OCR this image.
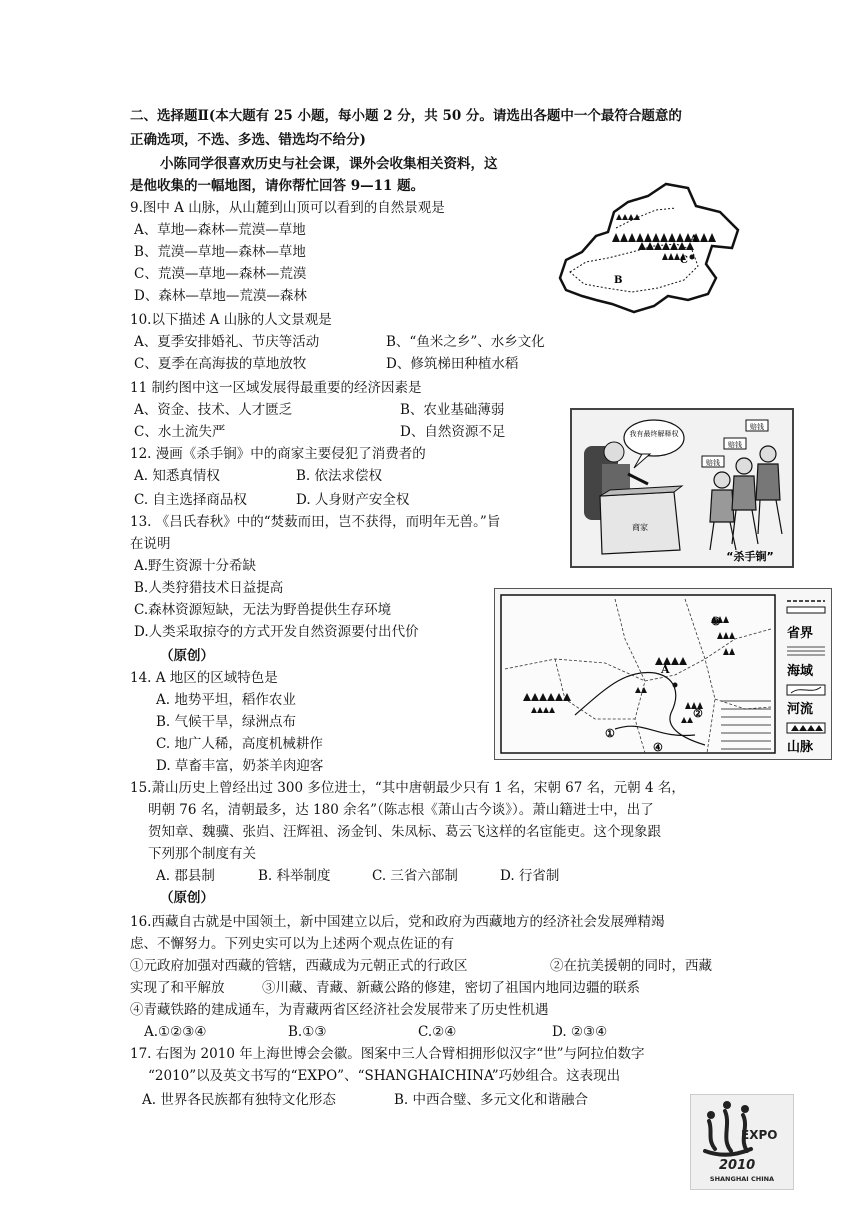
二、选择题Ⅱ(本大题有 25 小题，每小题 2 分，共 50 分。请选出各题中一个最符合题意的
正确选项，不选、多选、错选均不给分)
小陈同学很喜欢历史与社会课，课外会收集相关资料，这
是他收集的一幅地图，请你帮忙回答 9—11 题。
9.图中 A 山脉，从山麓到山顶可以看到的自然景观是
A、草地—森林—荒漠—草地
B、荒漠—草地—森林—草地
C、荒漠—草地—森林—荒漠
D、森林—草地—荒漠—森林
10.以下描述 A 山脉的人文景观是
A、夏季安排婚礼、节庆等活动	B、“鱼米之乡”、水乡文化
C、夏季在高海拔的草地放牧	D、修筑梯田种植水稻
11 制约图中这一区域发展得最重要的经济因素是
A、资金、技术、人才匮乏	B、农业基础薄弱
C、水土流失严	D、自然资源不足
12. 漫画《杀手锏》中的商家主要侵犯了消费者的
A. 知悉真情权	B. 依法求偿权
C. 自主选择商品权	D. 人身财产安全权
13. 《吕氏春秋》中的“焚薮而田，岂不获得，而明年无兽。”旨
在说明
A.野生资源十分希缺
B.人类狩猎技术日益提高
C.森林资源短缺，无法为野兽提供生存环境
D.人类采取掠夺的方式开发自然资源要付出代价
（原创）
14. A 地区的区域特色是
A. 地势平坦，稻作农业
B. 气候干旱，绿洲点布
C. 地广人稀，高度机械耕作
D. 草畜丰富，奶茶羊肉迎客
15.萧山历史上曾经出过 300 多位进士，“其中唐朝最少只有 1 名，宋朝 67 名，元朝 4 名，
明朝 76 名，清朝最多，达 180 余名”（陈志根《萧山古今谈》）。萧山籍进士中，出了
贺知章、魏骥、张岿、汪辉祖、汤金钊、朱凤标、葛云飞这样的名宦能吏。这个现象跟
下列那个制度有关
A. 郡县制	B. 科举制度	C. 三省六部制	D. 行省制
（原创）
16.西藏自古就是中国领土，新中国建立以后，党和政府为西藏地方的经济社会发展殚精竭
虑、不懈努力。下列史实可以为上述两个观点佐证的有
①元政府加强对西藏的管辖，西藏成为元朝正式的行政区	②在抗美援朝的同时，西藏
实现了和平解放	③川藏、青藏、新藏公路的修建，密切了祖国内地同边疆的联系
④青藏铁路的建成通车，为青藏两省区经济社会发展带来了历史性机遇
A.①②③④	B.①③	C.②④	D. ②③④
17. 右图为 2010 年上海世博会会徽。图案中三人合臂相拥形似汉字“世”与阿拉伯数字
“2010”以及英文书写的“EXPO”、“SHANGHAICHINA”巧妙组合。这表现出
A. 世界各民族都有独特文化形态	B. 中西合璧、多元文化和谐融合
A
C
B
我有最终解释权
商家
赔钱
赔钱
赔钱
“杀手锏”
A
①
②
③
④
省界
海域
河流
山脉
EXPO
2010
SHANGHAI CHINA
